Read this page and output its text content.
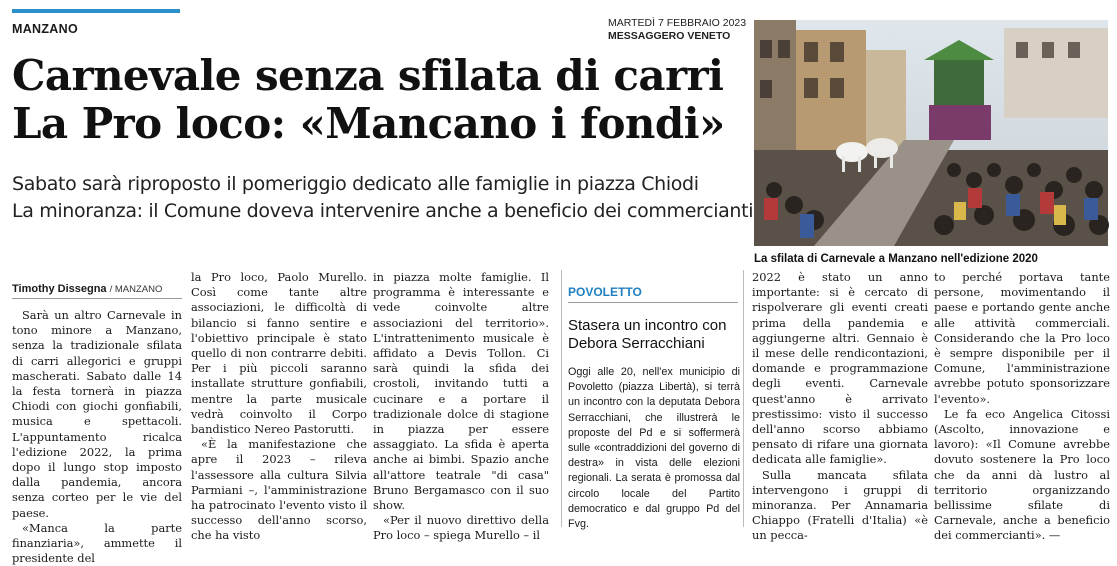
MANZANO	MARTEDÌ 7 FEBBRAIO 2023
MESSAGGERO VENETO
Carnevale senza sfilata di carri
La Pro loco: «Mancano i fondi»
Sabato sarà riproposto il pomeriggio dedicato alle famiglie in piazza Chiodi
La minoranza: il Comune doveva intervenire anche a beneficio dei commercianti
La sfilata di Carnevale a Manzano nell'edizione 2020
Timothy Dissegna / MANZANO

Sarà un altro Carnevale in tono minore a Manzano, senza la tradizionale sfilata di carri allegorici e gruppi mascherati. Sabato dalle 14 la festa tornerà in piazza Chiodi con giochi gonfiabili, musica e spettacoli. L'appuntamento ricalca l'edizione 2022, la prima dopo il lungo stop imposto dalla pandemia, ancora senza corteo per le vie del paese.

«Manca la parte finanziaria», ammette il presidente del

la Pro loco, Paolo Murello. Così come tante altre associazioni, le difficoltà di bilancio si fanno sentire e l'obiettivo principale è stato quello di non contrarre debiti. Per i più piccoli saranno installate strutture gonfiabili, mentre la parte musicale vedrà coinvolto il Corpo bandistico Nereo Pastorutti.

«È la manifestazione che apre il 2023 – rileva l'assessore alla cultura Silvia Parmiani –, l'amministrazione ha patrocinato l'evento visto il successo dell'anno scorso, che ha visto

in piazza molte famiglie. Il programma è interessante e vede coinvolte altre associazioni del territorio». L'intrattenimento musicale è affidato a Devis Tollon. Ci sarà quindi la sfida dei crostoli, invitando tutti a cucinare e a portare il tradizionale dolce di stagione in piazza per essere assaggiato. La sfida è aperta anche ai bimbi. Spazio anche all'attore teatrale "di casa" Bruno Bergamasco con il suo show.

«Per il nuovo direttivo della Pro loco – spiega Murello – il

POVOLETTO
Stasera un incontro con Debora Serracchiani
Oggi alle 20, nell'ex municipio di Povoletto (piazza Libertà), si terrà un incontro con la deputata Debora Serracchiani, che illustrerà le proposte del Pd e si soffermerà sulle «contraddizioni del governo di destra» in vista delle elezioni regionali. La serata è promossa dal circolo locale del Partito democratico e dal gruppo Pd del Fvg.

2022 è stato un anno importante: si è cercato di rispolverare gli eventi creati prima della pandemia e aggiungerne altri. Gennaio è il mese delle rendicontazioni, domande e programmazione degli eventi. Carnevale quest'anno è arrivato prestissimo: visto il successo dell'anno scorso abbiamo pensato di rifare una giornata dedicata alle famiglie».

Sulla mancata sfilata intervengono i gruppi di minoranza. Per Annamaria Chiappo (Fratelli d'Italia) «è un pecca-

to perché portava tante persone, movimentando il paese e portando gente anche alle attività commerciali. Considerando che la Pro loco è sempre disponibile per il Comune, l'amministrazione avrebbe potuto sponsorizzare l'evento».

Le fa eco Angelica Citossi (Ascolto, innovazione e lavoro): «Il Comune avrebbe dovuto sostenere la Pro loco che da anni dà lustro al territorio organizzando bellissime sfilate di Carnevale, anche a beneficio dei commercianti». —
